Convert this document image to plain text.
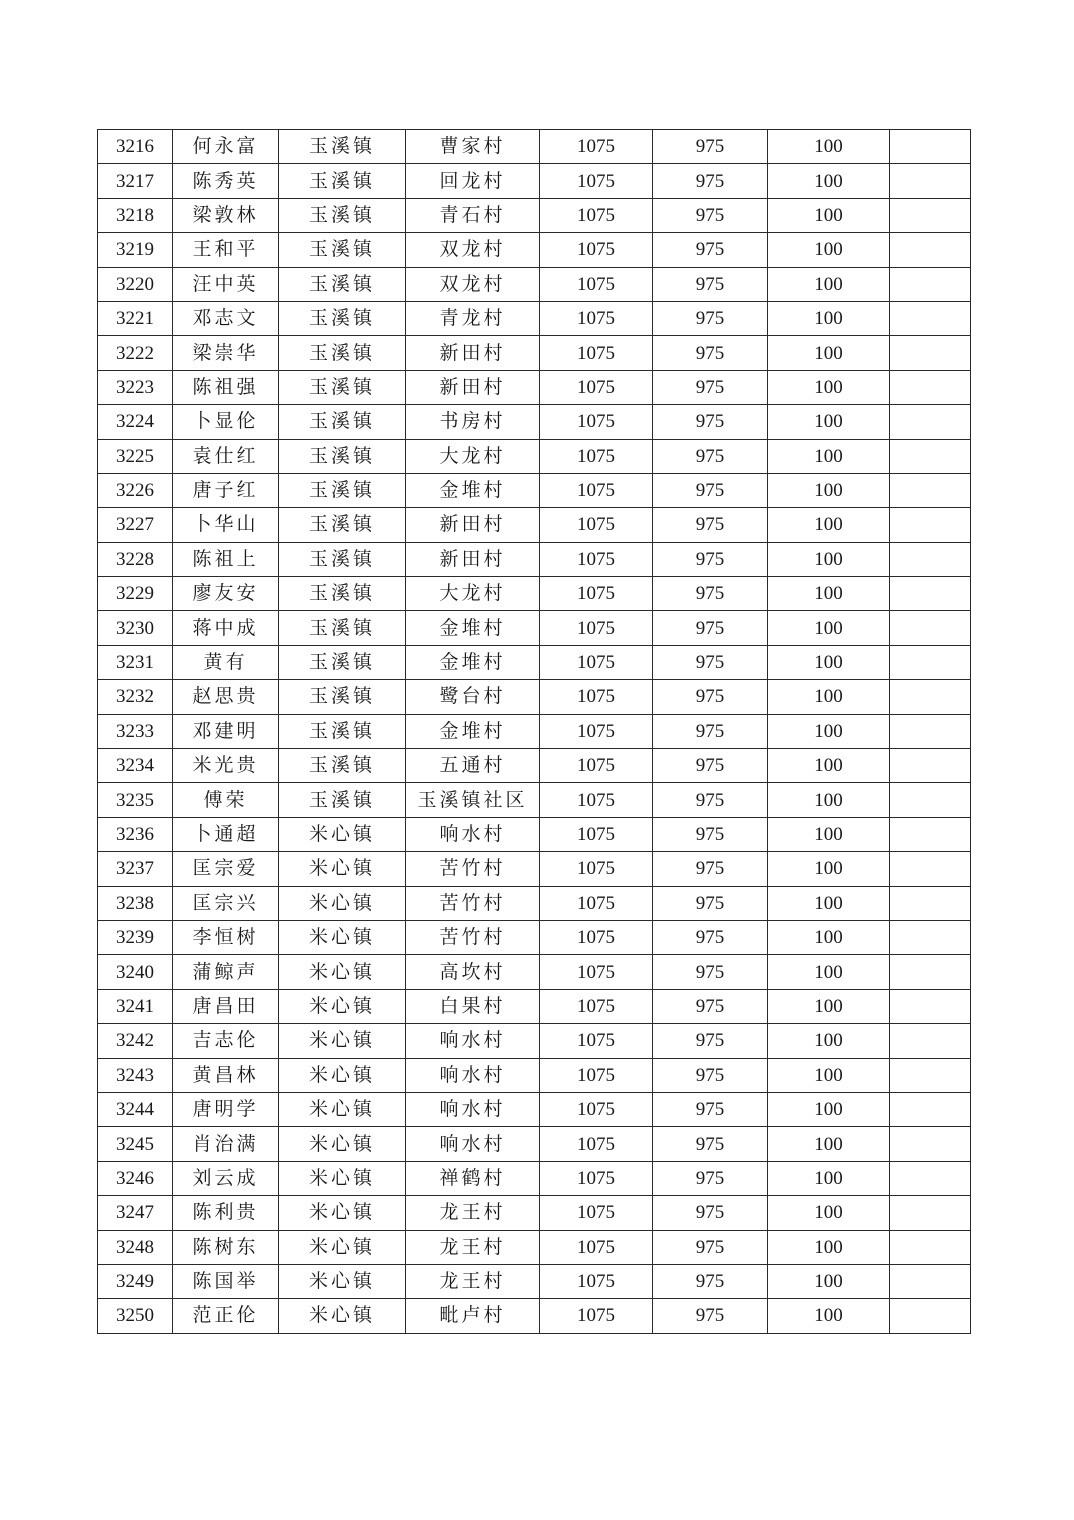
3216	何永富	玉溪镇	曹家村	1075	975	100	
3217	陈秀英	玉溪镇	回龙村	1075	975	100	
3218	梁敦林	玉溪镇	青石村	1075	975	100	
3219	王和平	玉溪镇	双龙村	1075	975	100	
3220	汪中英	玉溪镇	双龙村	1075	975	100	
3221	邓志文	玉溪镇	青龙村	1075	975	100	
3222	梁崇华	玉溪镇	新田村	1075	975	100	
3223	陈祖强	玉溪镇	新田村	1075	975	100	
3224	卜显伦	玉溪镇	书房村	1075	975	100	
3225	袁仕红	玉溪镇	大龙村	1075	975	100	
3226	唐子红	玉溪镇	金堆村	1075	975	100	
3227	卜华山	玉溪镇	新田村	1075	975	100	
3228	陈祖上	玉溪镇	新田村	1075	975	100	
3229	廖友安	玉溪镇	大龙村	1075	975	100	
3230	蒋中成	玉溪镇	金堆村	1075	975	100	
3231	黄有	玉溪镇	金堆村	1075	975	100	
3232	赵思贵	玉溪镇	鹭台村	1075	975	100	
3233	邓建明	玉溪镇	金堆村	1075	975	100	
3234	米光贵	玉溪镇	五通村	1075	975	100	
3235	傅荣	玉溪镇	玉溪镇社区	1075	975	100	
3236	卜通超	米心镇	响水村	1075	975	100	
3237	匡宗爱	米心镇	苦竹村	1075	975	100	
3238	匡宗兴	米心镇	苦竹村	1075	975	100	
3239	李恒树	米心镇	苦竹村	1075	975	100	
3240	蒲鲸声	米心镇	高坎村	1075	975	100	
3241	唐昌田	米心镇	白果村	1075	975	100	
3242	吉志伦	米心镇	响水村	1075	975	100	
3243	黄昌林	米心镇	响水村	1075	975	100	
3244	唐明学	米心镇	响水村	1075	975	100	
3245	肖治满	米心镇	响水村	1075	975	100	
3246	刘云成	米心镇	禅鹤村	1075	975	100	
3247	陈利贵	米心镇	龙王村	1075	975	100	
3248	陈树东	米心镇	龙王村	1075	975	100	
3249	陈国举	米心镇	龙王村	1075	975	100	
3250	范正伦	米心镇	毗卢村	1075	975	100	
